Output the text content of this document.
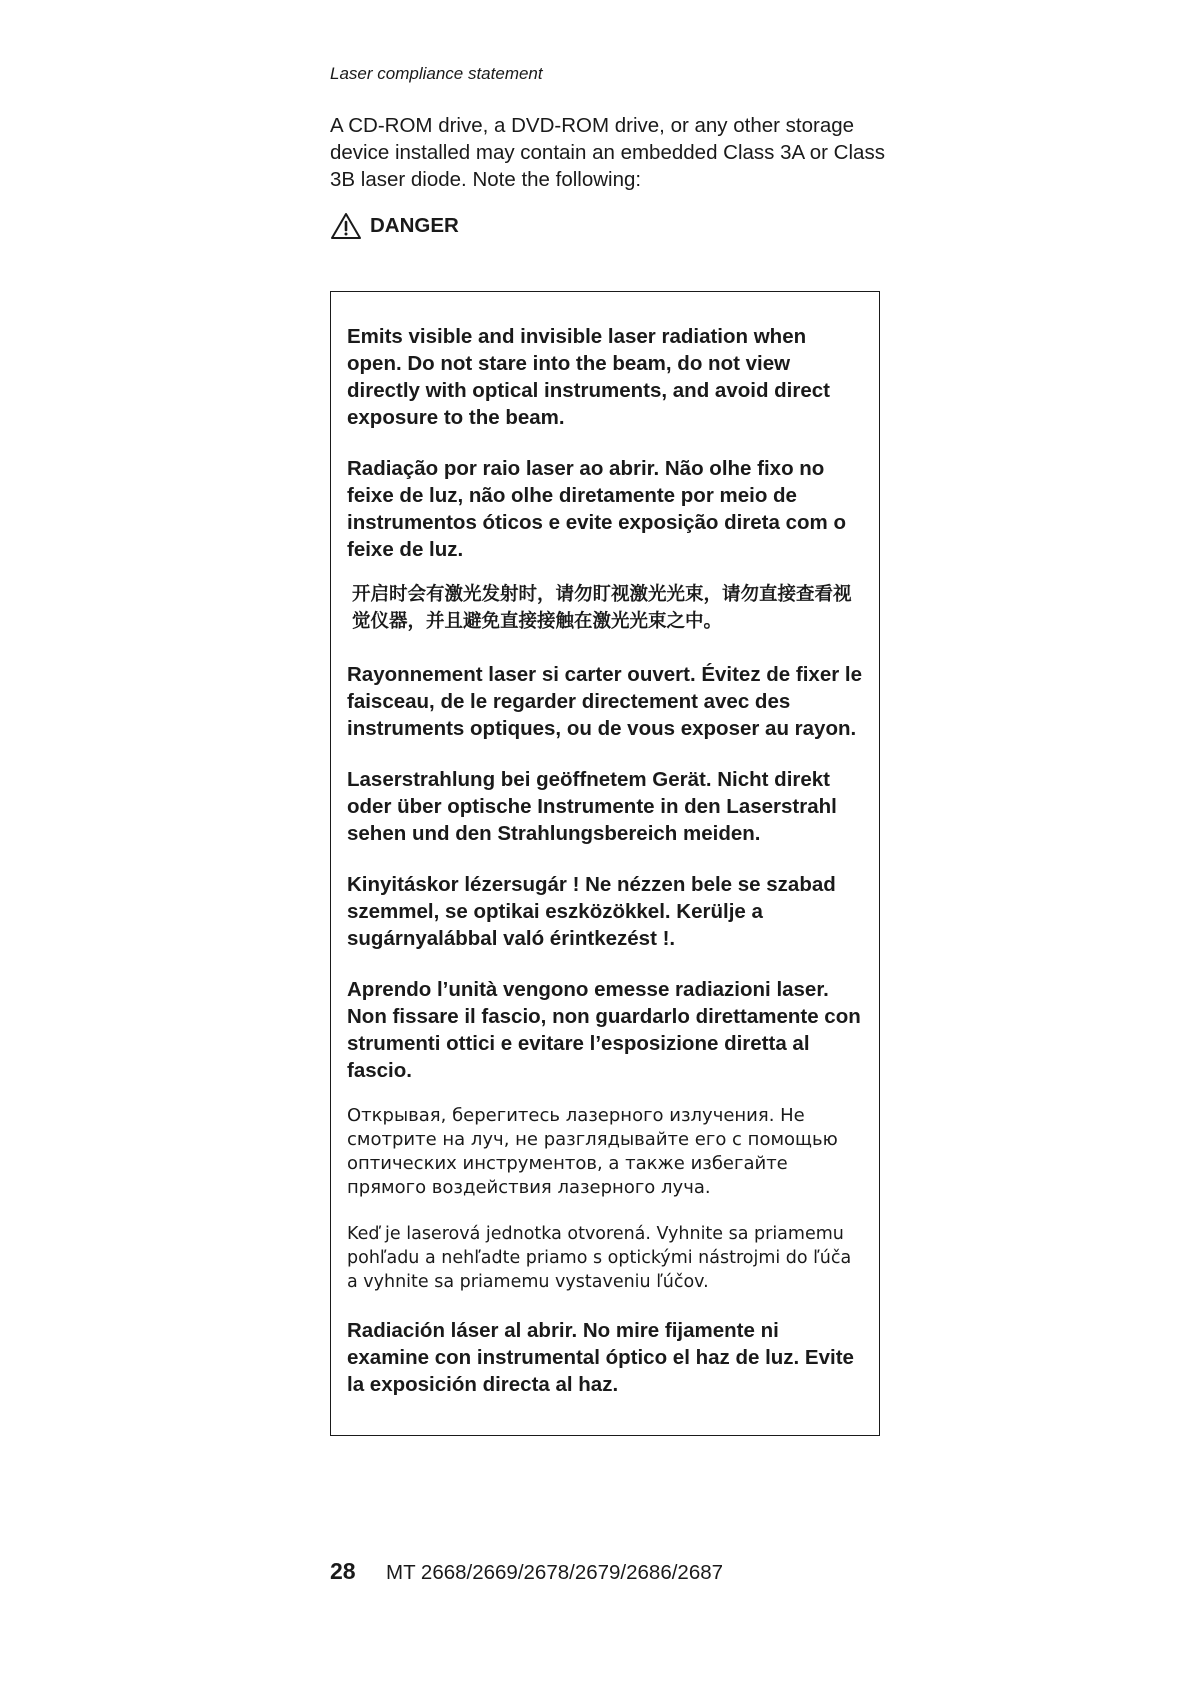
Laser compliance statement

A CD-ROM drive, a DVD-ROM drive, or any other storage device installed may contain an embedded Class 3A or Class 3B laser diode. Note the following:

DANGER

Emits visible and invisible laser radiation when open. Do not stare into the beam, do not view directly with optical instruments, and avoid direct exposure to the beam.

Radiação por raio laser ao abrir. Não olhe fixo no feixe de luz, não olhe diretamente por meio de instrumentos óticos e evite exposição direta com o feixe de luz.

开启时会有激光发射时，请勿盯视激光光束，请勿直接查看视觉仪器，并且避免直接接触在激光光束之中。

Rayonnement laser si carter ouvert. Évitez de fixer le faisceau, de le regarder directement avec des instruments optiques, ou de vous exposer au rayon.

Laserstrahlung bei geöffnetem Gerät. Nicht direkt oder über optische Instrumente in den Laserstrahl sehen und den Strahlungsbereich meiden.

Kinyitáskor lézersugár ! Ne nézzen bele se szabad szemmel, se optikai eszközökkel. Kerülje a sugárnyalábbal való érintkezést !.

Aprendo l’unità vengono emesse radiazioni laser. Non fissare il fascio, non guardarlo direttamente con strumenti ottici e evitare l’esposizione diretta al fascio.

Открывая, берегитесь лазерного излучения. Не смотрите на луч, не разглядывайте его с помощью оптических инструментов, а также избегайте прямого воздействия лазерного луча.

Keď je laserová jednotka otvorená. Vyhnite sa priamemu pohľadu a nehľadte priamo s optickými nástrojmi do ľúča a vyhnite sa priamemu vystaveniu ľúčov.

Radiación láser al abrir. No mire fijamente ni examine con instrumental óptico el haz de luz. Evite la exposición directa al haz.

28	MT 2668/2669/2678/2679/2686/2687
